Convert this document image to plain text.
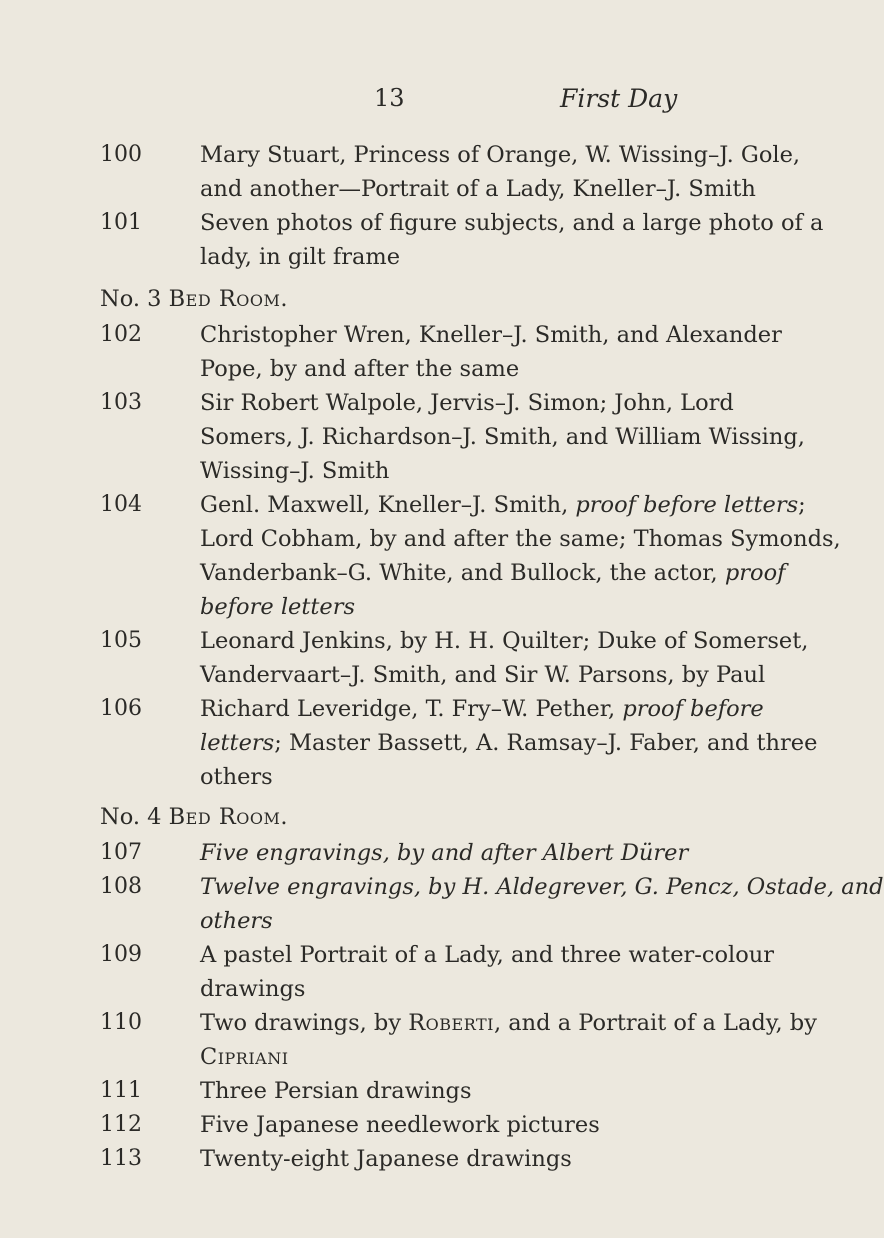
13	First Day
100	Mary Stuart, Princess of Orange, W. Wissing–J. Gole,
and another—Portrait of a Lady, Kneller–J. Smith
101	Seven photos of figure subjects, and a large photo of a
lady, in gilt frame
No. 3 Bed Room.
102	Christopher Wren, Kneller–J. Smith, and Alexander
Pope, by and after the same
103	Sir Robert Walpole, Jervis–J. Simon; John, Lord
Somers, J. Richardson–J. Smith, and William Wissing,
Wissing–J. Smith
104	Genl. Maxwell, Kneller–J. Smith, proof before letters;
Lord Cobham, by and after the same; Thomas Symonds,
Vanderbank–G. White, and Bullock, the actor, proof
before letters
105	Leonard Jenkins, by H. H. Quilter; Duke of Somerset,
Vandervaart–J. Smith, and Sir W. Parsons, by Paul
106	Richard Leveridge, T. Fry–W. Pether, proof before
letters; Master Bassett, A. Ramsay–J. Faber, and three
others
No. 4 Bed Room.
107	Five engravings, by and after Albert Dürer
108	Twelve engravings, by H. Aldegrever, G. Pencz, Ostade, and
others
109	A pastel Portrait of a Lady, and three water-colour
drawings
110	Two drawings, by Roberti, and a Portrait of a Lady, by
Cipriani
111	Three Persian drawings
112	Five Japanese needlework pictures
113	Twenty-eight Japanese drawings
